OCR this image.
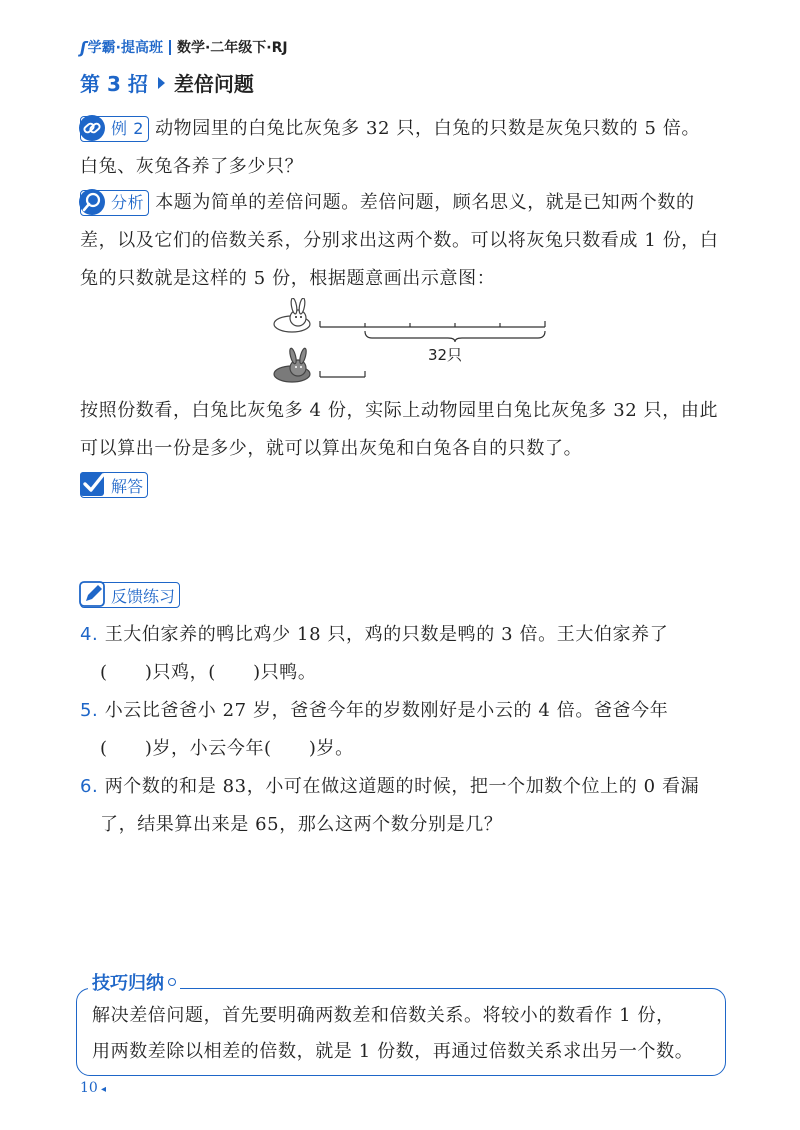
ʃ 学霸·提高班 数学·二年级下·RJ
第 3 招 差倍问题
例 2 动物园里的白兔比灰兔多 32 只，白兔的只数是灰兔只数的 5 倍。
白兔、灰兔各养了多少只？
分析 本题为简单的差倍问题。差倍问题，顾名思义，就是已知两个数的
差，以及它们的倍数关系，分别求出这两个数。可以将灰兔只数看成 1 份，白
兔的只数就是这样的 5 份，根据题意画出示意图：
32只
按照份数看，白兔比灰兔多 4 份，实际上动物园里白兔比灰兔多 32 只，由此
可以算出一份是多少，就可以算出灰兔和白兔各自的只数了。
解答
反馈练习
4. 王大伯家养的鸭比鸡少 18 只，鸡的只数是鸭的 3 倍。王大伯家养了
(　　)只鸡，(　　)只鸭。
5. 小云比爸爸小 27 岁，爸爸今年的岁数刚好是小云的 4 倍。爸爸今年
(　　)岁，小云今年(　　)岁。
6. 两个数的和是 83，小可在做这道题的时候，把一个加数个位上的 0 看漏
了，结果算出来是 65，那么这两个数分别是几？
技巧归纳
解决差倍问题，首先要明确两数差和倍数关系。将较小的数看作 1 份，
用两数差除以相差的倍数，就是 1 份数，再通过倍数关系求出另一个数。
10 ◂
